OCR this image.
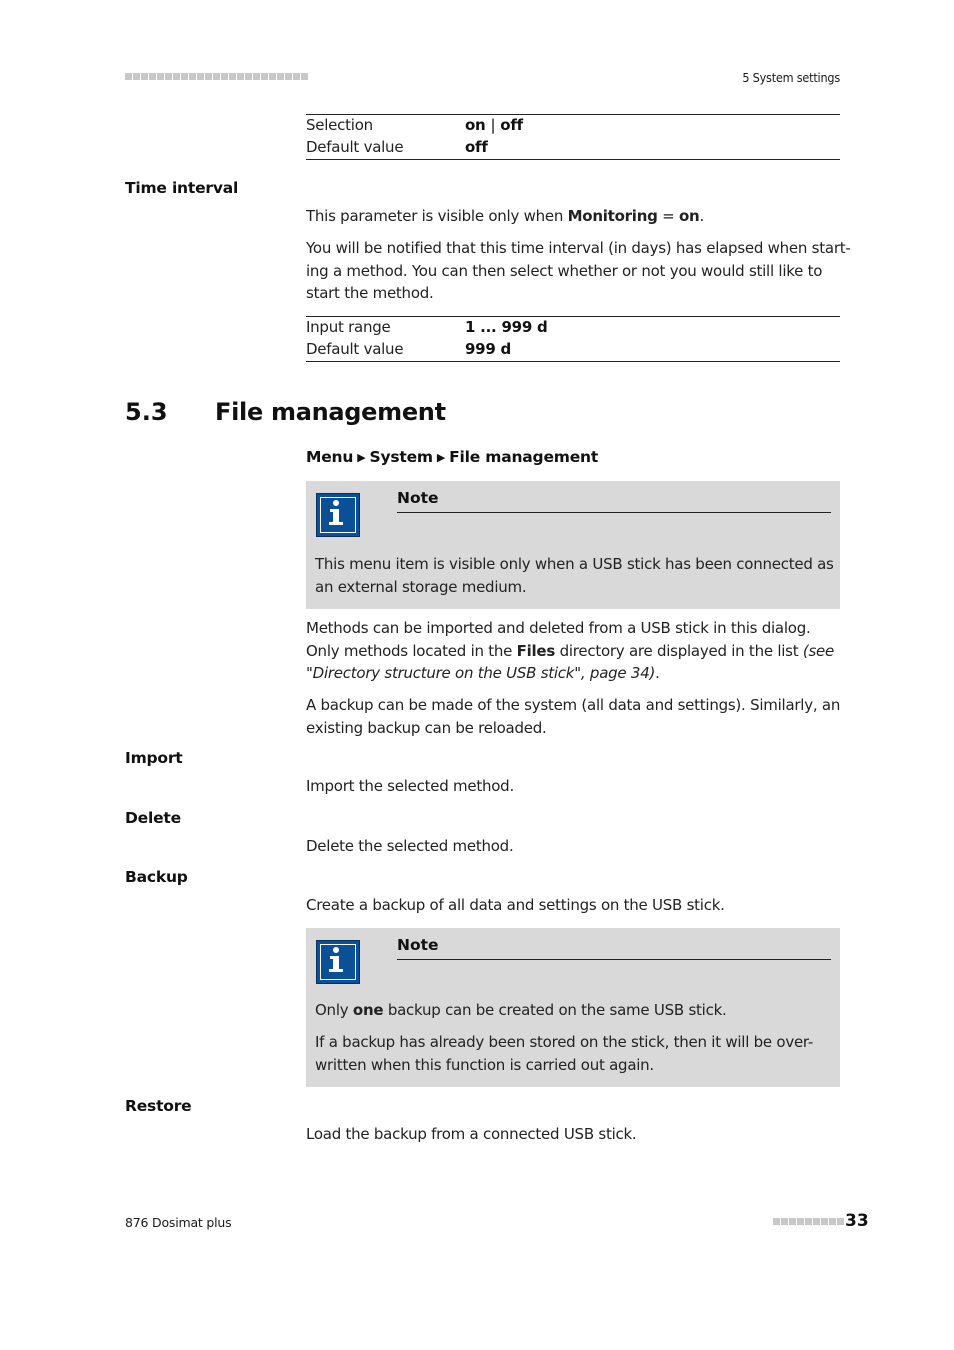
5 System settings
Selection	on | off
Default value	off
Time interval

This parameter is visible only when Monitoring = on.

You will be notified that this time interval (in days) has elapsed when start-
ing a method. You can then select whether or not you would still like to
start the method.
Input range	1 ... 999 d
Default value	999 d
5.3 File management
Menu ▶ System ▶ File management
Note
This menu item is visible only when a USB stick has been connected as
an external storage medium.
Methods can be imported and deleted from a USB stick in this dialog.
Only methods located in the Files directory are displayed in the list (see
"Directory structure on the USB stick", page 34).
A backup can be made of the system (all data and settings). Similarly, an
existing backup can be reloaded.
Import
Import the selected method.
Delete
Delete the selected method.
Backup
Create a backup of all data and settings on the USB stick.
Note
Only one backup can be created on the same USB stick.
If a backup has already been stored on the stick, then it will be over-
written when this function is carried out again.
Restore
Load the backup from a connected USB stick.
876 Dosimat plus	33
